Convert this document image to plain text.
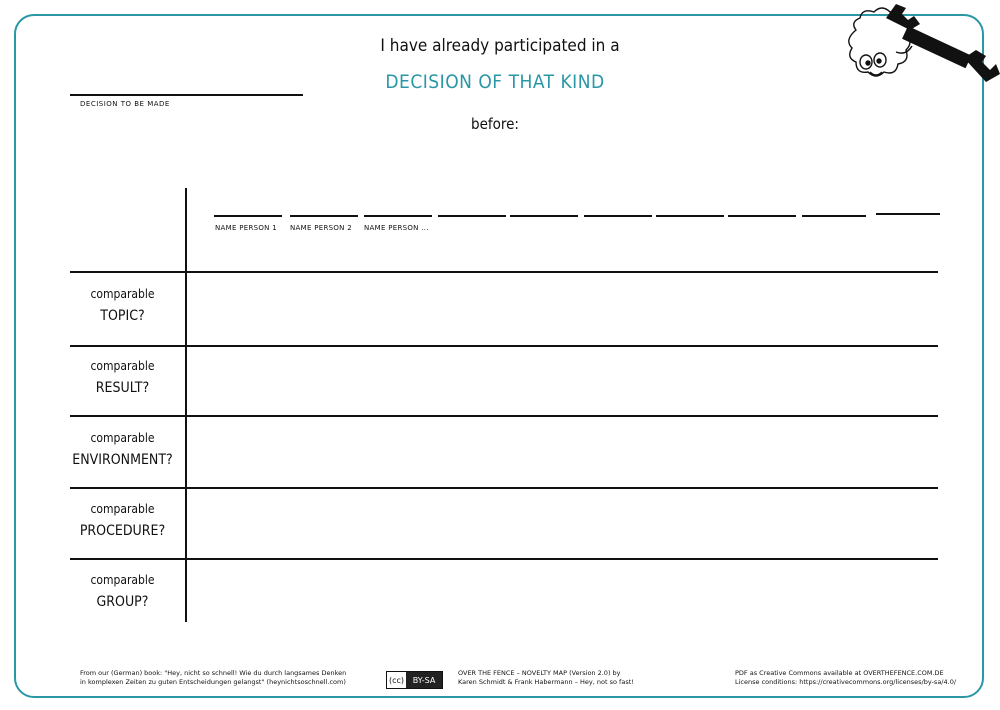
I have already participated in a
DECISION OF THAT KIND
before:
DECISION TO BE MADE
NAME PERSON 1 NAME PERSON 2 NAME PERSON ...
comparable
TOPIC?
comparable
RESULT?
comparable
ENVIRONMENT?
comparable
PROCEDURE?
comparable
GROUP?
From our (German) book: "Hey, nicht so schnell! Wie du durch langsames Denken
in komplexen Zeiten zu guten Entscheidungen gelangst" (heynichtsoschnell.com)	(cc)	BY-SA
OVER THE FENCE – NOVELTY MAP (Version 2.0) by
Karen Schmidt & Frank Habermann – Hey, not so fast!
PDF as Creative Commons available at OVERTHEFENCE.COM.DE
License conditions: https://creativecommons.org/licenses/by-sa/4.0/
